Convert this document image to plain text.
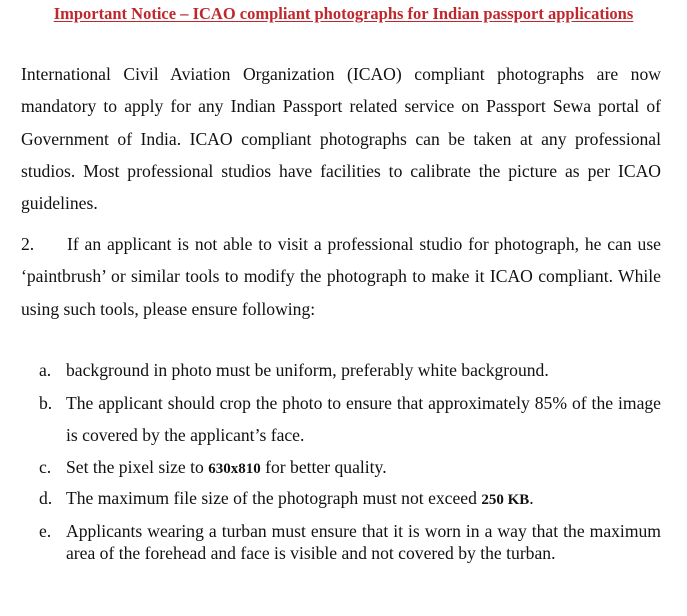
Important Notice – ICAO compliant photographs for Indian passport applications
International Civil Aviation Organization (ICAO) compliant photographs are now mandatory to apply for any Indian Passport related service on Passport Sewa portal of Government of India. ICAO compliant photographs can be taken at any professional studios. Most professional studios have facilities to calibrate the picture as per ICAO guidelines.
2. If an applicant is not able to visit a professional studio for photograph, he can use ‘paintbrush’ or similar tools to modify the photograph to make it ICAO compliant. While using such tools, please ensure following:
a. background in photo must be uniform, preferably white background.
b. The applicant should crop the photo to ensure that approximately 85% of the image is covered by the applicant’s face.
c. Set the pixel size to 630x810 for better quality.
d. The maximum file size of the photograph must not exceed 250 KB.
e. Applicants wearing a turban must ensure that it is worn in a way that the maximum area of the forehead and face is visible and not covered by the turban.
